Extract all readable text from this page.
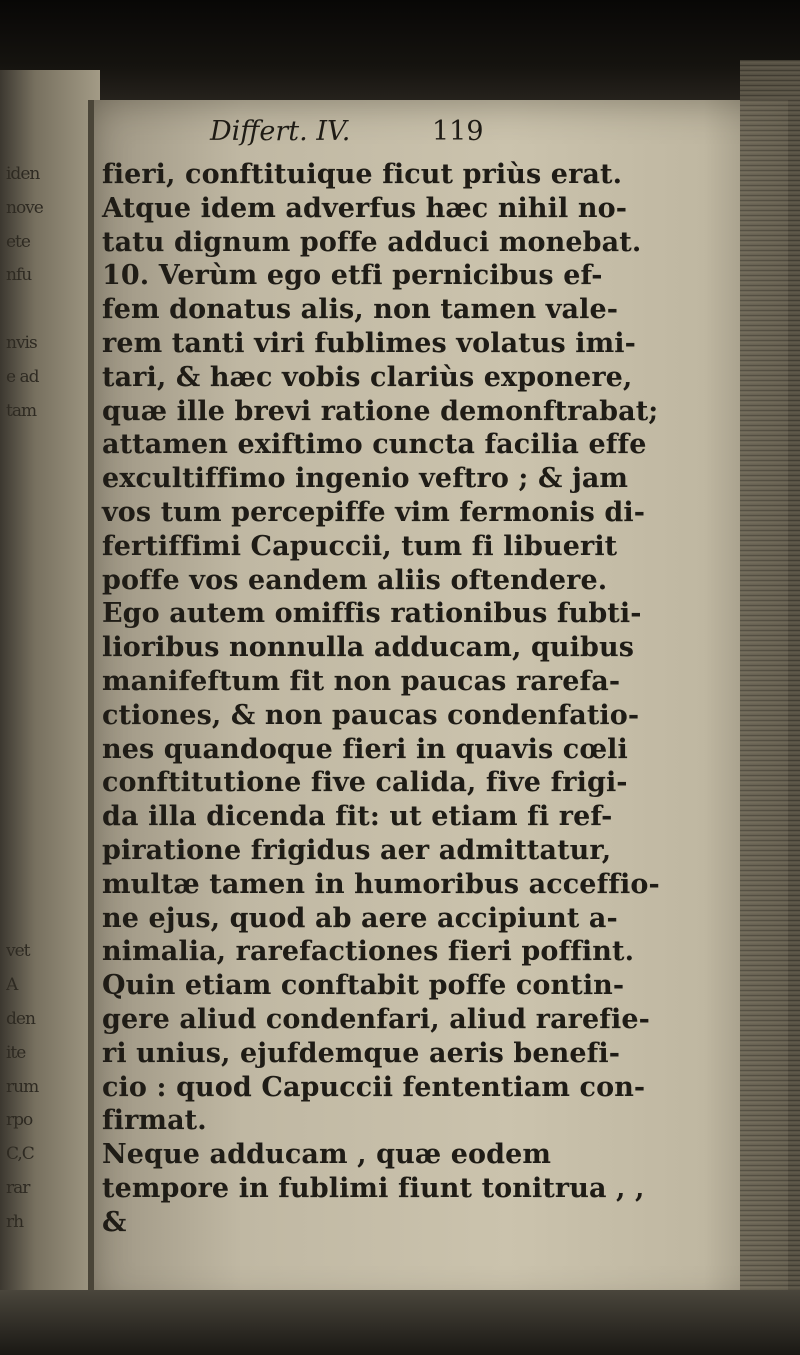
iden
nove
ete
nfu
nvis
e ad
tam
vet
A
den
ite
rum
rpo
C,C
rar
rh
Differt. IV.	119
fieri, conftituique ficut priùs erat.
Atque idem adverfus hæc nihil no-
tatu dignum poffe adduci monebat.
10. Verùm ego etfi pernicibus ef-
fem donatus alis, non tamen vale-
rem tanti viri fublimes volatus imi-
tari, & hæc vobis clariùs exponere,
quæ ille brevi ratione demonftrabat;
attamen exiftimo cuncta facilia effe
excultiffimo ingenio veftro ; & jam
vos tum percepiffe vim fermonis di-
fertiffimi Capuccii, tum fi libuerit
poffe vos eandem aliis oftendere.
Ego autem omiffis rationibus fubti-
lioribus nonnulla adducam, quibus
manifeftum fit non paucas rarefa-
ctiones, & non paucas condenfatio-
nes quandoque fieri in quavis cœli
conftitutione five calida, five frigi-
da illa dicenda fit: ut etiam fi ref-
piratione frigidus aer admittatur,
multæ tamen in humoribus acceffio-
ne ejus, quod ab aere accipiunt a-
nimalia, rarefactiones fieri poffint.
Quin etiam conftabit poffe contin-
gere aliud condenfari, aliud rarefie-
ri unius, ejufdemque aeris benefi-
cio : quod Capuccii fententiam con-
firmat.
Neque adducam , quæ eodem
tempore in fublimi fiunt tonitrua , ,
&
